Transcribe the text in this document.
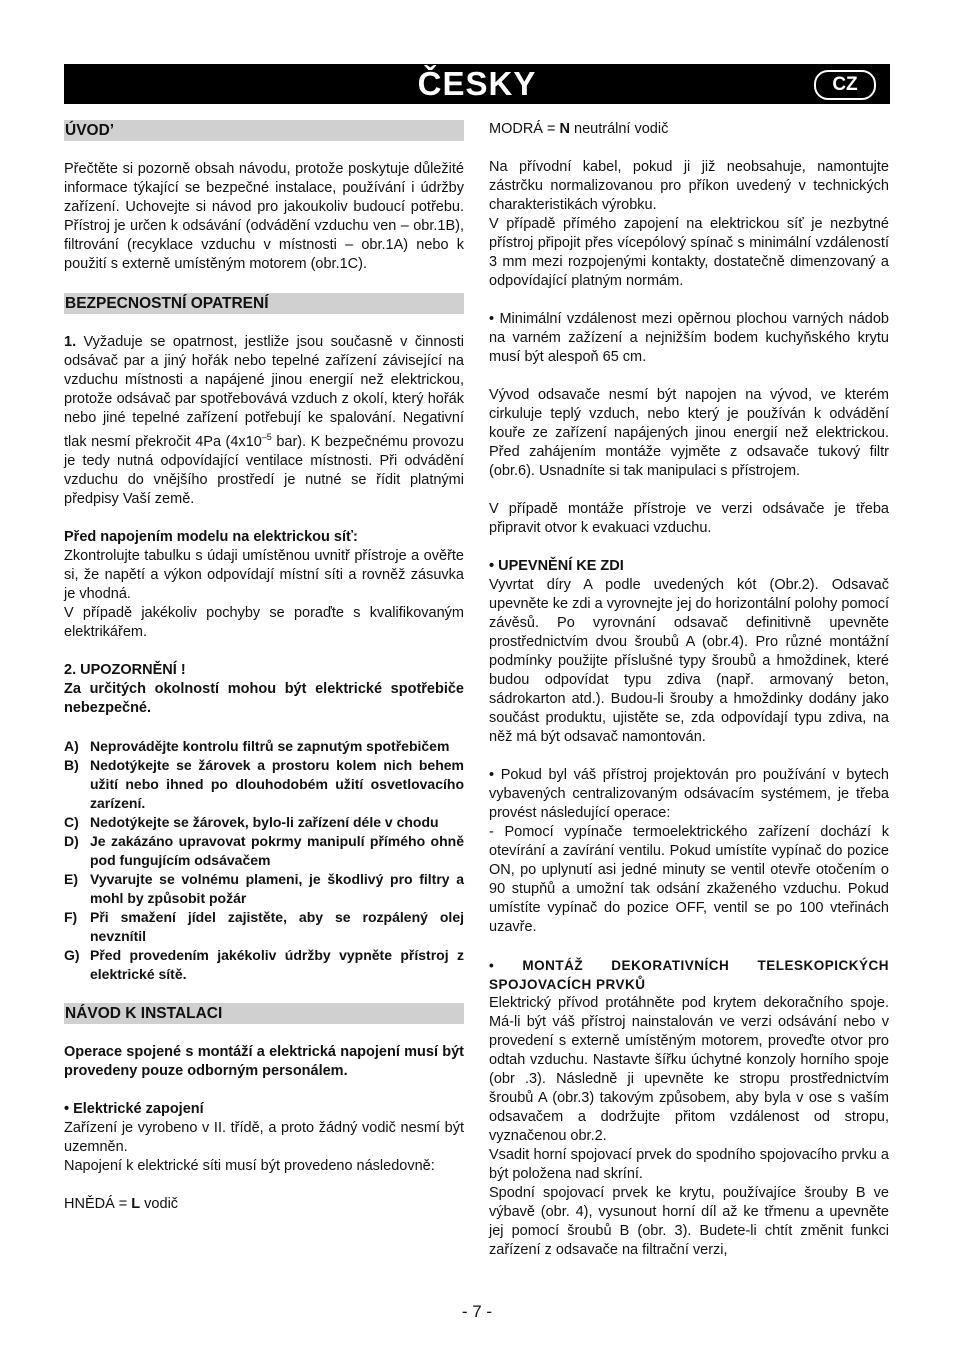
ČESKY	CZ
ÚVOD’

Přečtěte si pozorně obsah návodu, protože poskytuje důležité informace týkající se bezpečné instalace, používání i údržby zařízení. Uchovejte si návod pro jakoukoliv budoucí potřebu. Přístroj je určen k odsávání (odvádění vzduchu ven – obr.1B), filtrování (recyklace vzduchu v místnosti – obr.1A) nebo k použití s externě umístěným motorem (obr.1C).

BEZPECNOSTNÍ OPATRENÍ

1. Vyžaduje se opatrnost, jestliže jsou současně v činnosti odsávač par a jiný hořák nebo tepelné zařízení závisející na vzduchu místnosti a napájené jinou energií než elektrickou, protože odsávač par spotřebovává vzduch z okolí, který hořák nebo jiné tepelné zařízení potřebují ke spalování. Negativní tlak nesmí překročit 4Pa ($4x10^{-5}$ bar). K bezpečnému provozu je tedy nutná odpovídající ventilace místnosti. Při odvádění vzduchu do vnějšího prostředí je nutné se řídit platnými předpisy Vaší země.

Před napojením modelu na elektrickou síť:

Zkontrolujte tabulku s údaji umístěnou uvnitř přístroje a ověřte si, že napětí a výkon odpovídají místní síti a rovněž zásuvka je vhodná.

V případě jakékoliv pochyby se poraďte s kvalifikovaným elektrikářem.

2. UPOZORNĚNÍ !

Za určitých okolností mohou být elektrické spotřebiče nebezpečné.

A) Neprovádějte kontrolu filtrů se zapnutým spotřebičem
B) Nedotýkejte se žárovek a prostoru kolem nich behem užití nebo ihned po dlouhodobém užití osvetlovacího zarízení.
C) Nedotýkejte se žárovek, bylo-li zařízení déle v chodu
D) Je zakázáno upravovat pokrmy manipulí přímého ohně pod fungujícím odsávačem
E) Vyvarujte se volnému plameni, je škodlivý pro filtry a mohl by způsobit požár
F) Při smažení jídel zajistěte, aby se rozpálený olej nevznítil
G) Před provedením jakékoliv údržby vypněte přístroj z elektrické sítě.
NÁVOD K INSTALACI

Operace spojené s montáží a elektrická napojení musí být provedeny pouze odborným personálem.

• Elektrické zapojení

Zařízení je vyrobeno v II. třídě, a proto žádný vodič nesmí být uzemněn.

Napojení k elektrické síti musí být provedeno následovně:

HNĚDÁ = L vodič

MODRÁ = N neutrální vodič

Na přívodní kabel, pokud ji již neobsahuje, namontujte zástrčku normalizovanou pro příkon uvedený v technických charakteristikách výrobku.

V případě přímého zapojení na elektrickou síť je nezbytné přístroj připojit přes vícepólový spínač s minimální vzdáleností 3 mm mezi rozpojenými kontakty, dostatečně dimenzovaný a odpovídající platným normám.

• Minimální vzdálenost mezi opěrnou plochou varných nádob na varném zažízení a nejnižším bodem kuchyňského krytu musí být alespoň 65 cm.

Vývod odsavače nesmí být napojen na vývod, ve kterém cirkuluje teplý vzduch, nebo který je používán k odvádění kouře ze zařízení napájených jinou energií než elektrickou. Před zahájením montáže vyjměte z odsavače tukový filtr (obr.6). Usnadníte si tak manipulaci s přístrojem.

V případě montáže přístroje ve verzi odsávače je třeba připravit otvor k evakuaci vzduchu.

• UPEVNĚNÍ KE ZDI

Vyvrtat díry A podle uvedených kót (Obr.2). Odsavač upevněte ke zdi a vyrovnejte jej do horizontální polohy pomocí závěsů. Po vyrovnání odsavač definitivně upevněte prostřednictvím dvou šroubů A (obr.4). Pro různé montážní podmínky použijte příslušné typy šroubů a hmoždinek, které budou odpovídat typu zdiva (např. armovaný beton, sádrokarton atd.). Budou-li šrouby a hmoždinky dodány jako součást produktu, ujistěte se, zda odpovídají typu zdiva, na něž má být odsavač namontován.

• Pokud byl váš přístroj projektován pro používání v bytech vybavených centralizovaným odsávacím systémem, je třeba provést následující operace:

- Pomocí vypínače termoelektrického zařízení dochází k otevírání a zavírání ventilu. Pokud umístíte vypínač do pozice ON, po uplynutí asi jedné minuty se ventil otevře otočením o 90 stupňů a umožní tak odsání zkaženého vzduchu. Pokud umístíte vypínač do pozice OFF, ventil se po 100 vteřinách uzavře.

• MONTÁŽ DEKORATIVNÍCH TELESKOPICKÝCH SPOJOVACÍCH PRVKŮ

Elektrický přívod protáhněte pod krytem dekoračního spoje. Má-li být váš přístroj nainstalován ve verzi odsávání nebo v provedení s externě umístěným motorem, proveďte otvor pro odtah vzduchu. Nastavte šířku úchytné konzoly horního spoje (obr .3). Následně ji upevněte ke stropu prostřednictvím šroubů A (obr.3) takovým způsobem, aby byla v ose s vaším odsavačem a dodržujte přitom vzdálenost od stropu, vyznačenou obr.2.

Vsadit horní spojovací prvek do spodního spojovacího prvku a být položena nad skríní.

Spodní spojovací prvek ke krytu, používajíce šrouby B ve výbavě (obr. 4), vysunout horní díl až ke třmenu a upevněte jej pomocí šroubů B (obr. 3). Budete-li chtít změnit funkci zařízení z odsavače na filtrační verzi,

- 7 -
